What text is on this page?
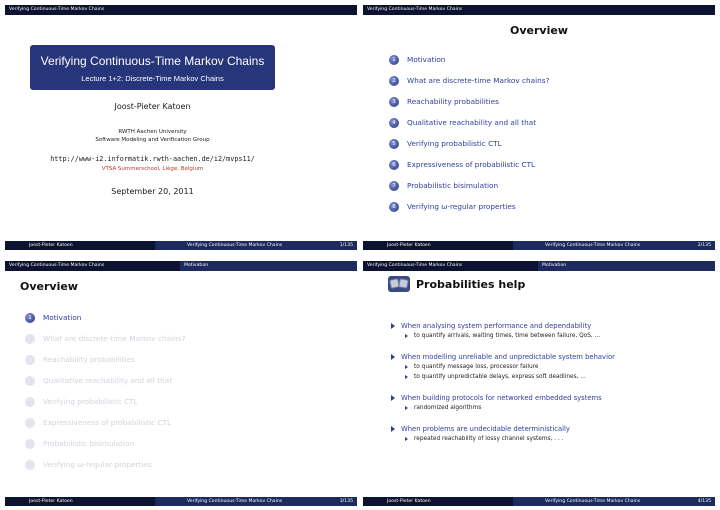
Verifying Continuous-Time Markov Chains
Verifying Continuous-Time Markov Chains
Lecture 1+2: Discrete-Time Markov Chains
Joost-Pieter Katoen
RWTH Aachen University
Software Modeling and Verification Group
http://www-i2.informatik.rwth-aachen.de/i2/mvps11/
VTSA Summerschool, Liège, Belgium
September 20, 2011
Joost-Pieter Katoen	Verifying Continuous-Time Markov Chains	1/135
Verifying Continuous-Time Markov Chains
Overview
1	Motivation
2	What are discrete-time Markov chains?
3	Reachability probabilities
4	Qualitative reachability and all that
5	Verifying probabilistic CTL
6	Expressiveness of probabilistic CTL
7	Probabilistic bisimulation
8	Verifying ω-regular properties
Joost-Pieter Katoen	Verifying Continuous-Time Markov Chains	2/135
Verifying Continuous-Time Markov Chains	Motivation
Overview
1	Motivation
2	What are discrete-time Markov chains?
3	Reachability probabilities
4	Qualitative reachability and all that
5	Verifying probabilistic CTL
6	Expressiveness of probabilistic CTL
7	Probabilistic bisimulation
8	Verifying ω-regular properties
Joost-Pieter Katoen	Verifying Continuous-Time Markov Chains	3/135
Verifying Continuous-Time Markov Chains	Motivation
Probabilities help
When analysing system performance and dependability
to quantify arrivals, waiting times, time between failure, QoS, ...
When modelling unreliable and unpredictable system behavior
to quantify message loss, processor failure
to quantify unpredictable delays, express soft deadlines, ...
When building protocols for networked embedded systems
randomized algorithms
When problems are undecidable deterministically
repeated reachability of lossy channel systems, . . .
Joost-Pieter Katoen	Verifying Continuous-Time Markov Chains	4/135
